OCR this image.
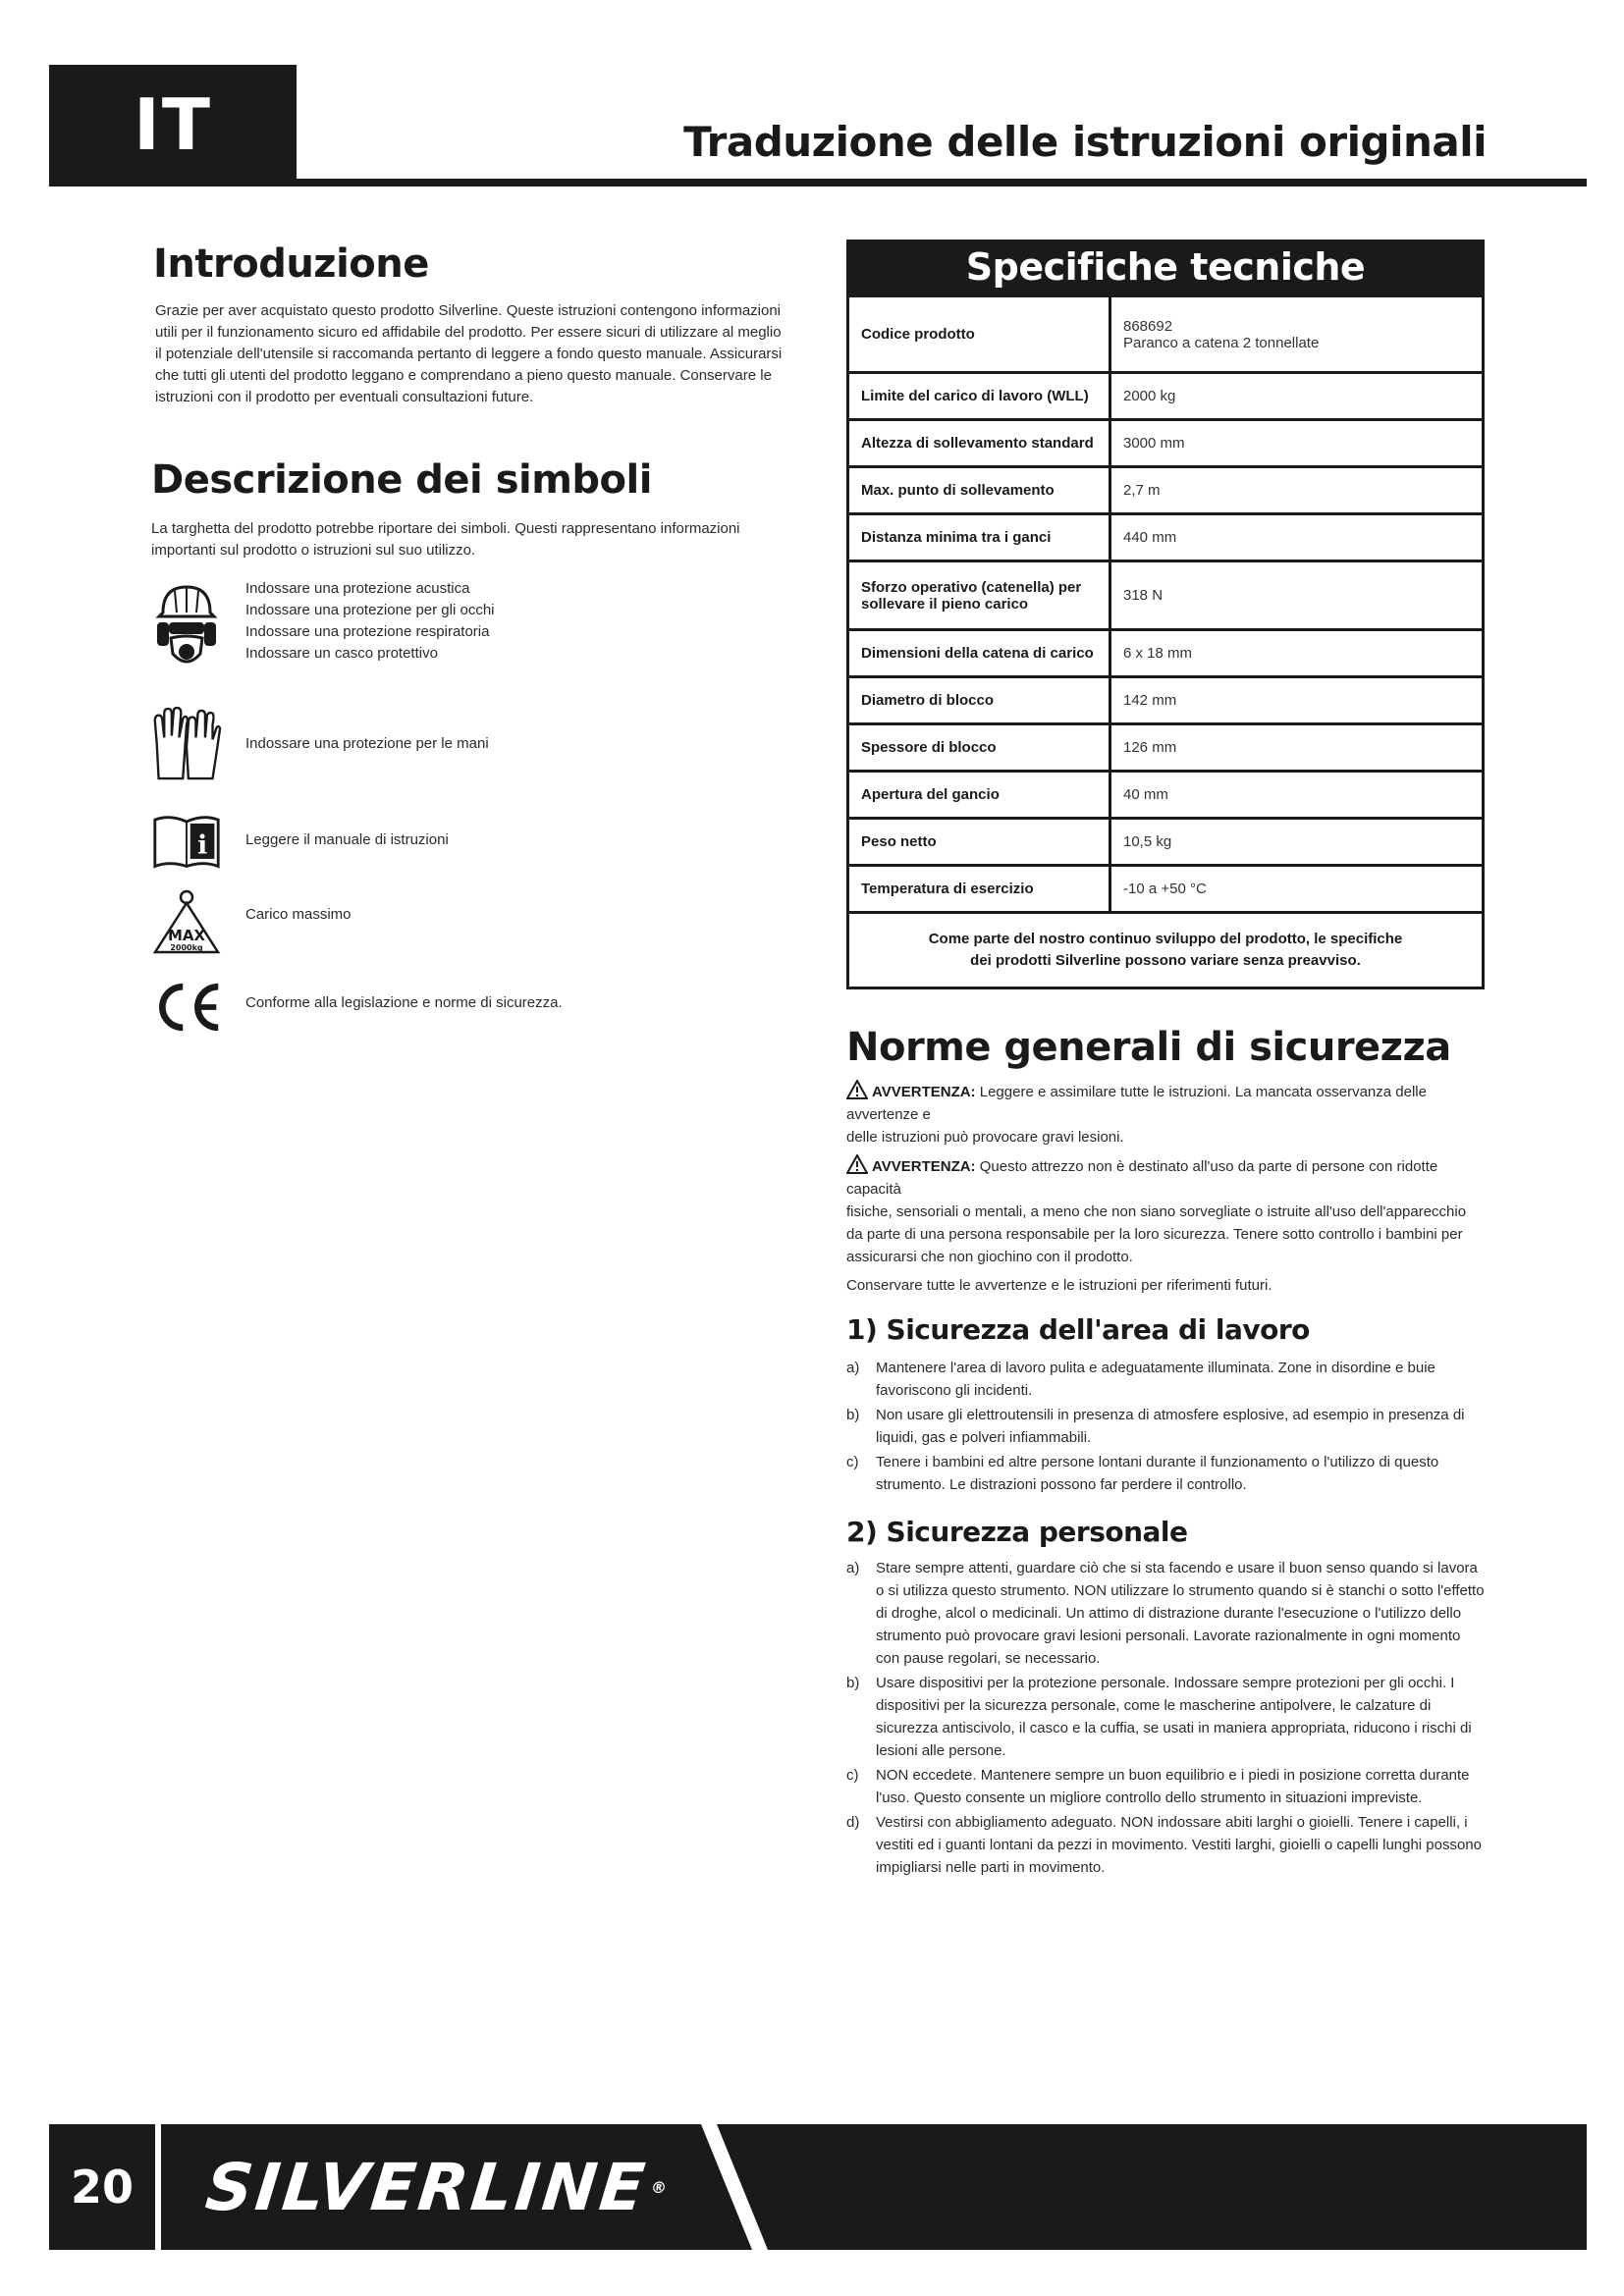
IT	Traduzione delle istruzioni originali
Introduzione
Grazie per aver acquistato questo prodotto Silverline. Queste istruzioni contengono informazioni
utili per il funzionamento sicuro ed affidabile del prodotto. Per essere sicuri di utilizzare al meglio
il potenziale dell'utensile si raccomanda pertanto di leggere a fondo questo manuale. Assicurarsi
che tutti gli utenti del prodotto leggano e comprendano a pieno questo manuale. Conservare le
istruzioni con il prodotto per eventuali consultazioni future.
Descrizione dei simboli
La targhetta del prodotto potrebbe riportare dei simboli. Questi rappresentano informazioni
importanti sul prodotto o istruzioni sul suo utilizzo.
Indossare una protezione acustica
Indossare una protezione per gli occhi
Indossare una protezione respiratoria
Indossare un casco protettivo
Indossare una protezione per le mani
i	Leggere il manuale di istruzioni
MAX
2000kg
Carico massimo
Conforme alla legislazione e norme di sicurezza.
Specifiche tecniche
Codice prodotto	868692
Paranco a catena 2 tonnellate

Limite del carico di lavoro (WLL)	2000 kg
Altezza di sollevamento standard	3000 mm
Max. punto di sollevamento	2,7 m
Distanza minima tra i ganci	440 mm
Sforzo operativo (catenella) per sollevare il pieno carico	318 N
Dimensioni della catena di carico	6 x 18 mm
Diametro di blocco	142 mm
Spessore di blocco	126 mm
Apertura del gancio	40 mm
Peso netto	10,5 kg
Temperatura di esercizio	-10 a +50 °C
Come parte del nostro continuo sviluppo del prodotto, le specifiche
dei prodotti Silverline possono variare senza preavviso.
Norme generali di sicurezza
AVVERTENZA: Leggere e assimilare tutte le istruzioni. La mancata osservanza delle avvertenze e
delle istruzioni può provocare gravi lesioni.
AVVERTENZA: Questo attrezzo non è destinato all'uso da parte di persone con ridotte capacità
fisiche, sensoriali o mentali, a meno che non siano sorvegliate o istruite all'uso dell'apparecchio
da parte di una persona responsabile per la loro sicurezza. Tenere sotto controllo i bambini per
assicurarsi che non giochino con il prodotto.
Conservare tutte le avvertenze e le istruzioni per riferimenti futuri.
1) Sicurezza dell'area di lavoro
a)	Mantenere l'area di lavoro pulita e adeguatamente illuminata. Zone in disordine e buie favoriscono gli incidenti.
b)	Non usare gli elettroutensili in presenza di atmosfere esplosive, ad esempio in presenza di liquidi, gas e polveri infiammabili.
c)	Tenere i bambini ed altre persone lontani durante il funzionamento o l'utilizzo di questo strumento. Le distrazioni possono far perdere il controllo.
2) Sicurezza personale
a)	Stare sempre attenti, guardare ciò che si sta facendo e usare il buon senso quando si lavora o si utilizza questo strumento. NON utilizzare lo strumento quando si è stanchi o sotto l'effetto di droghe, alcol o medicinali. Un attimo di distrazione durante l'esecuzione o l'utilizzo dello strumento può provocare gravi lesioni personali. Lavorate razionalmente in ogni momento con pause regolari, se necessario.
b)	Usare dispositivi per la protezione personale. Indossare sempre protezioni per gli occhi. I dispositivi per la sicurezza personale, come le mascherine antipolvere, le calzature di sicurezza antiscivolo, il casco e la cuffia, se usati in maniera appropriata, riducono i rischi di lesioni alle persone.
c)	NON eccedete. Mantenere sempre un buon equilibrio e i piedi in posizione corretta durante l'uso. Questo consente un migliore controllo dello strumento in situazioni impreviste.
d)	Vestirsi con abbigliamento adeguato. NON indossare abiti larghi o gioielli. Tenere i capelli, i vestiti ed i guanti lontani da pezzi in movimento. Vestiti larghi, gioielli o capelli lunghi possono impigliarsi nelle parti in movimento.
20	SILVERLINE
®
